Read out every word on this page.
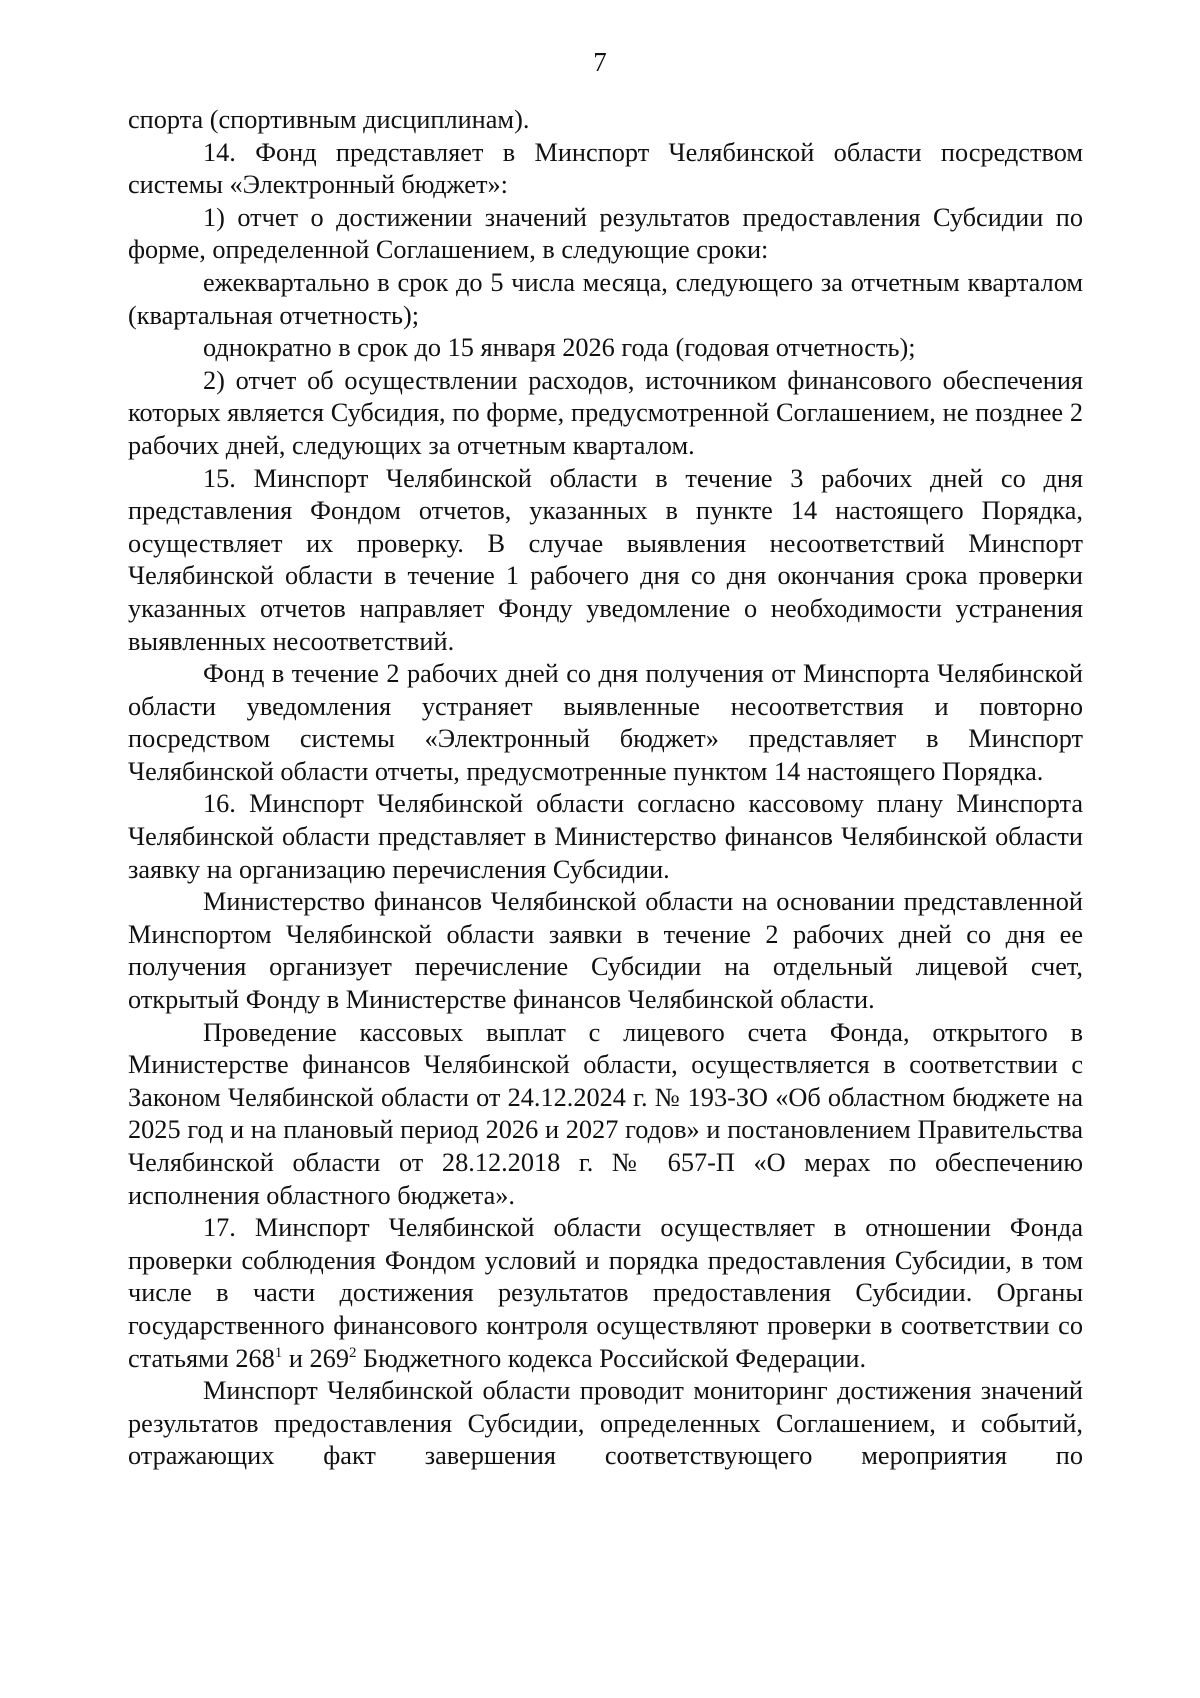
7

спорта (спортивным дисциплинам).

14. Фонд представляет в Минспорт Челябинской области посредством системы «Электронный бюджет»:

1) отчет о достижении значений результатов предоставления Субсидии по форме, определенной Соглашением, в следующие сроки:

ежеквартально в срок до 5 числа месяца, следующего за отчетным кварталом (квартальная отчетность);

однократно в срок до 15 января 2026 года (годовая отчетность);

2) отчет об осуществлении расходов, источником финансового обеспечения которых является Субсидия, по форме, предусмотренной Соглашением, не позднее 2 рабочих дней, следующих за отчетным кварталом.

15. Минспорт Челябинской области в течение 3 рабочих дней со дня представления Фондом отчетов, указанных в пункте 14 настоящего Порядка, осуществляет их проверку. В случае выявления несоответствий Минспорт Челябинской области в течение 1 рабочего дня со дня окончания срока проверки указанных отчетов направляет Фонду уведомление о необходимости устранения выявленных несоответствий.

Фонд в течение 2 рабочих дней со дня получения от Минспорта Челябинской области уведомления устраняет выявленные несоответствия и повторно посредством системы «Электронный бюджет» представляет в Минспорт Челябинской области отчеты, предусмотренные пунктом 14 настоящего Порядка.

16. Минспорт Челябинской области согласно кассовому плану Минспорта Челябинской области представляет в Министерство финансов Челябинской области заявку на организацию перечисления Субсидии.

Министерство финансов Челябинской области на основании представленной Минспортом Челябинской области заявки в течение 2 рабочих дней со дня ее получения организует перечисление Субсидии на отдельный лицевой счет, открытый Фонду в Министерстве финансов Челябинской области.

Проведение кассовых выплат с лицевого счета Фонда, открытого в Министерстве финансов Челябинской области, осуществляется в соответствии с Законом Челябинской области от 24.12.2024 г. № 193-ЗО «Об областном бюджете на 2025 год и на плановый период 2026 и 2027 годов» и постановлением Правительства Челябинской области от 28.12.2018 г. № 657-П «О мерах по обеспечению исполнения областного бюджета».

17. Минспорт Челябинской области осуществляет в отношении Фонда проверки соблюдения Фондом условий и порядка предоставления Субсидии, в том числе в части достижения результатов предоставления Субсидии. Органы государственного финансового контроля осуществляют проверки в соответствии со статьями $268^1$ и $269^2$ Бюджетного кодекса Российской Федерации.

Минспорт Челябинской области проводит мониторинг достижения значений результатов предоставления Субсидии, определенных Соглашением, и событий, отражающих факт завершения соответствующего мероприятия по
